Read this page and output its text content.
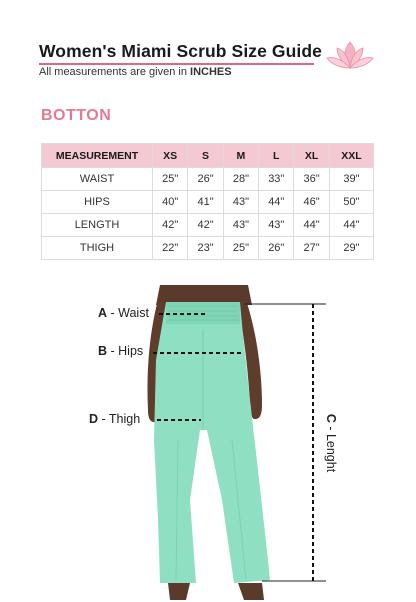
Women's Miami Scrub Size Guide
All measurements are given in INCHES
BOTTON
MEASUREMENT	XS	S	M	L	XL	XXL
WAIST	25"	26"	28"	33"	36"	39"
HIPS	40"	41"	43"	44"	46"	50"
LENGTH	42"	42"	43"	43"	44"	44"
THIGH	22"	23"	25"	26"	27"	29"
A - Waist
B - Hips
D - Thigh	C - Lenght
